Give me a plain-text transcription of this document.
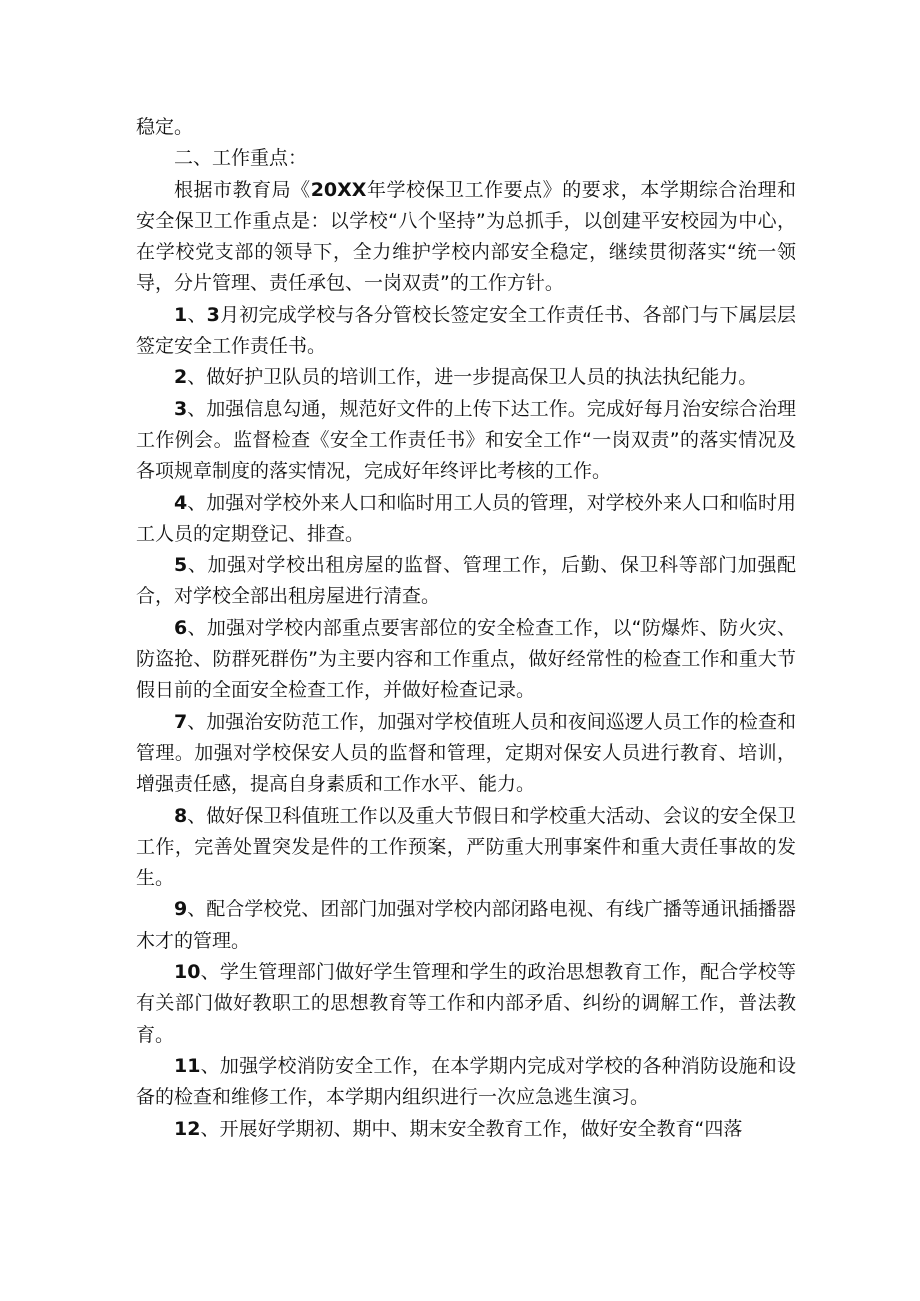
稳定。

二、工作重点：

根据市教育局《20XX年学校保卫工作要点》的要求，本学期综合治理和安全保卫工作重点是：以学校“八个坚持”为总抓手，以创建平安校园为中心，在学校党支部的领导下，全力维护学校内部安全稳定，继续贯彻落实“统一领导，分片管理、责任承包、一岗双责”的工作方针。

1、3月初完成学校与各分管校长签定安全工作责任书、各部门与下属层层签定安全工作责任书。

2、做好护卫队员的培训工作，进一步提高保卫人员的执法执纪能力。

3、加强信息勾通，规范好文件的上传下达工作。完成好每月治安综合治理工作例会。监督检查《安全工作责任书》和安全工作“一岗双责”的落实情况及各项规章制度的落实情况，完成好年终评比考核的工作。

4、加强对学校外来人口和临时用工人员的管理，对学校外来人口和临时用工人员的定期登记、排查。

5、加强对学校出租房屋的监督、管理工作，后勤、保卫科等部门加强配合，对学校全部出租房屋进行清查。

6、加强对学校内部重点要害部位的安全检查工作，以“防爆炸、防火灾、防盗抢、防群死群伤”为主要内容和工作重点，做好经常性的检查工作和重大节假日前的全面安全检查工作，并做好检查记录。

7、加强治安防范工作，加强对学校值班人员和夜间巡逻人员工作的检查和管理。加强对学校保安人员的监督和管理，定期对保安人员进行教育、培训，增强责任感，提高自身素质和工作水平、能力。

8、做好保卫科值班工作以及重大节假日和学校重大活动、会议的安全保卫工作，完善处置突发是件的工作预案，严防重大刑事案件和重大责任事故的发生。

9、配合学校党、团部门加强对学校内部闭路电视、有线广播等通讯插播器木才的管理。

10、学生管理部门做好学生管理和学生的政治思想教育工作，配合学校等有关部门做好教职工的思想教育等工作和内部矛盾、纠纷的调解工作，普法教育。

11、加强学校消防安全工作，在本学期内完成对学校的各种消防设施和设备的检查和维修工作，本学期内组织进行一次应急逃生演习。

12、开展好学期初、期中、期末安全教育工作，做好安全教育“四落
